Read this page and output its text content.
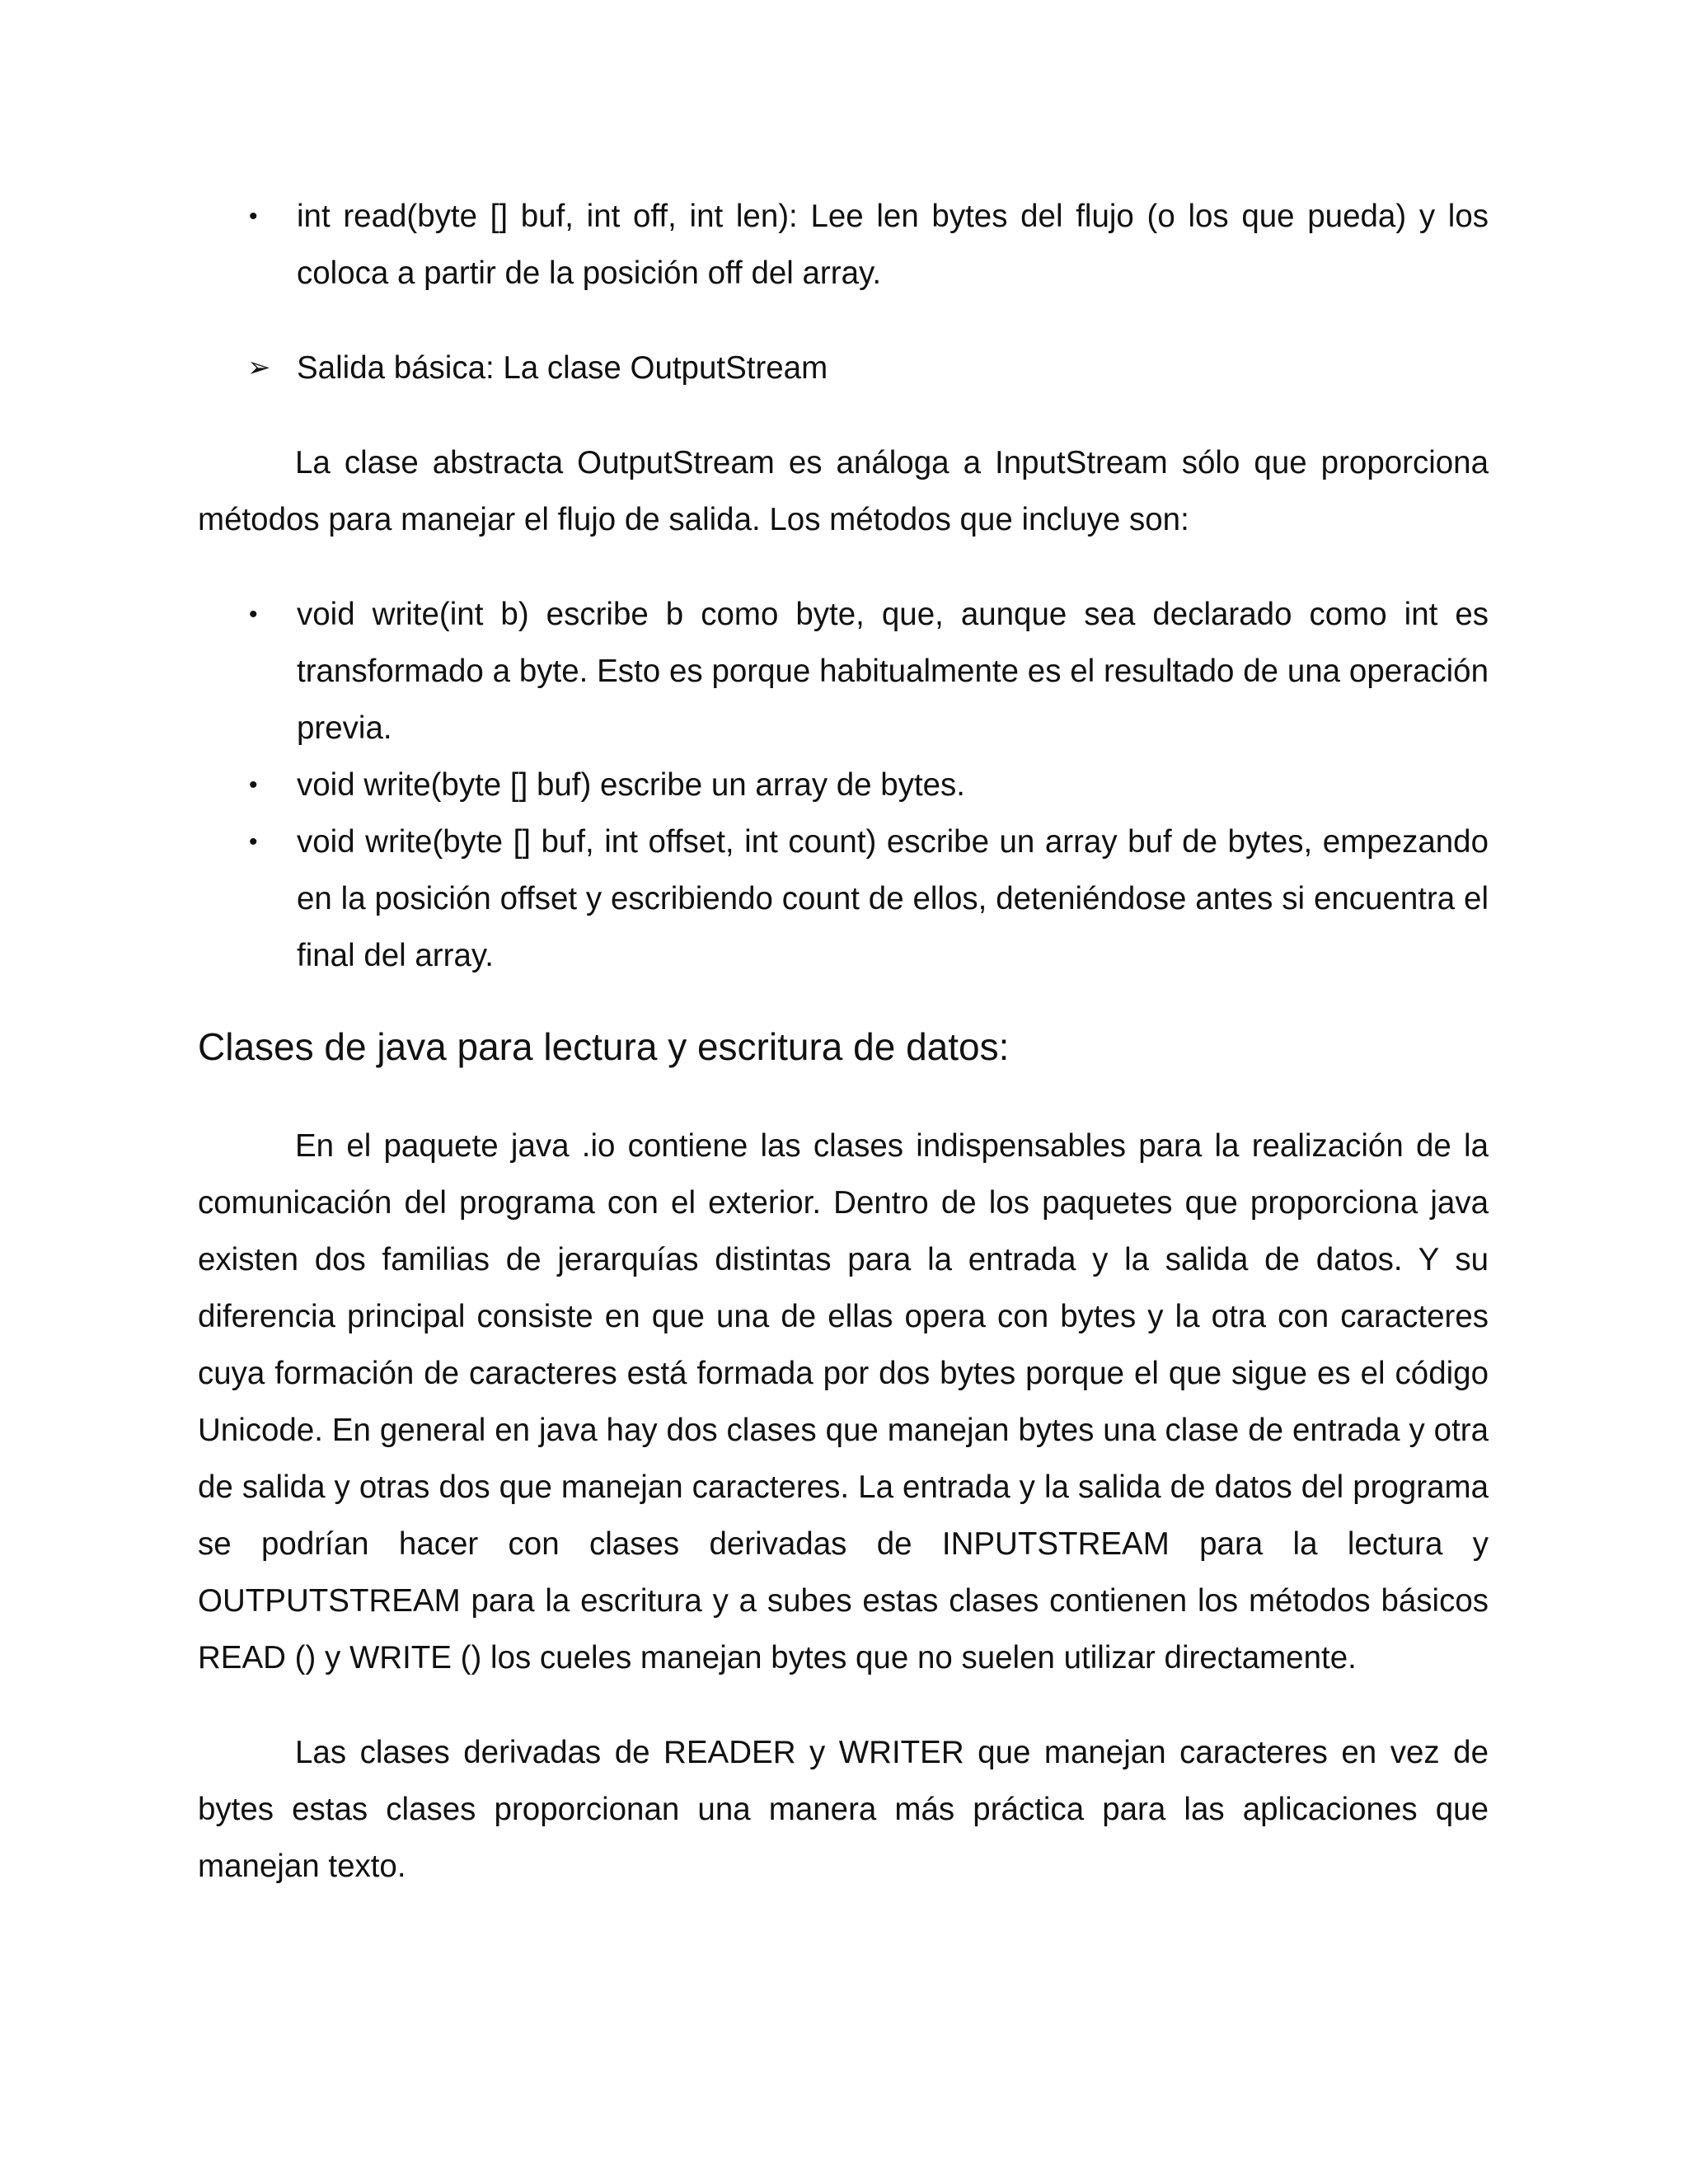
•	int read(byte [] buf, int off, int len): Lee len bytes del flujo (o los que pueda) y los coloca a partir de la posición off del array.
➢ Salida básica: La clase OutputStream

La clase abstracta OutputStream es análoga a InputStream sólo que proporciona métodos para manejar el flujo de salida. Los métodos que incluye son:

•	void write(int b) escribe b como byte, que, aunque sea declarado como int es transformado a byte. Esto es porque habitualmente es el resultado de una operación previa.
•	void write(byte [] buf) escribe un array de bytes.
•	void write(byte [] buf, int offset, int count) escribe un array buf de bytes, empezando en la posición offset y escribiendo count de ellos, deteniéndose antes si encuentra el final del array.
Clases de java para lectura y escritura de datos:

En el paquete java .io contiene las clases indispensables para la realización de la comunicación del programa con el exterior. Dentro de los paquetes que proporciona java existen dos familias de jerarquías distintas para la entrada y la salida de datos. Y su diferencia principal consiste en que una de ellas opera con bytes y la otra con caracteres cuya formación de caracteres está formada por dos bytes porque el que sigue es el código Unicode. En general en java hay dos clases que manejan bytes una clase de entrada y otra de salida y otras dos que manejan caracteres. La entrada y la salida de datos del programa se podrían hacer con clases derivadas de INPUTSTREAM para la lectura y OUTPUTSTREAM para la escritura y a subes estas clases contienen los métodos básicos READ () y WRITE () los cueles manejan bytes que no suelen utilizar directamente.

Las clases derivadas de READER y WRITER que manejan caracteres en vez de bytes estas clases proporcionan una manera más práctica para las aplicaciones que manejan texto.
